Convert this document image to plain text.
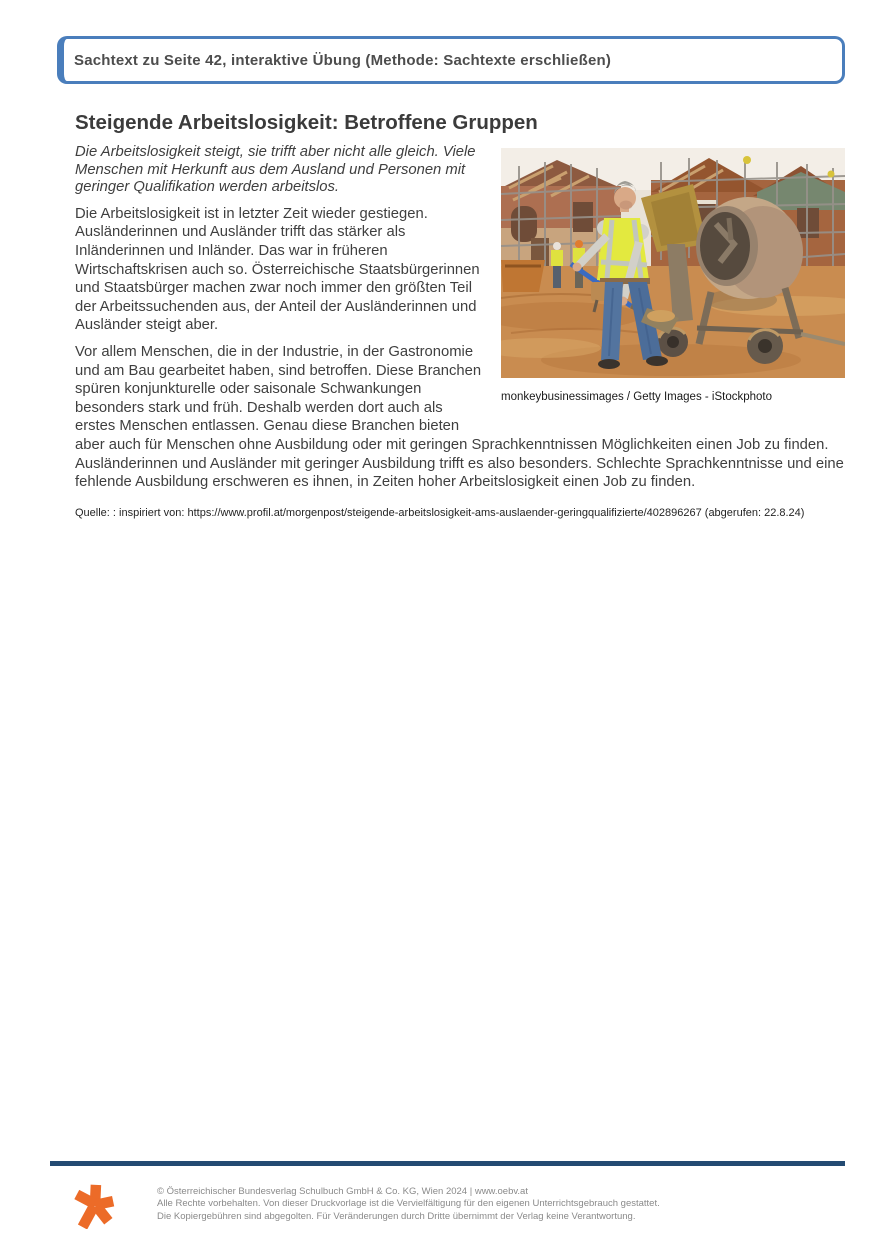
Sachtext zu Seite 42, interaktive Übung (Methode: Sachtexte erschließen)
Steigende Arbeitslosigkeit: Betroffene Gruppen
monkeybusinessimages / Getty Images - iStockphoto

Die Arbeitslosigkeit steigt, sie trifft aber nicht alle gleich. Viele Menschen mit Herkunft aus dem Ausland und Personen mit geringer Qualifikation werden arbeitslos.

Die Arbeitslosigkeit ist in letzter Zeit wieder gestiegen. Ausländerinnen und Ausländer trifft das stärker als Inländerinnen und Inländer. Das war in früheren Wirtschaftskrisen auch so. Österreichische Staatsbürgerinnen und Staatsbürger machen zwar noch immer den größten Teil der Arbeitssuchenden aus, der Anteil der Ausländerinnen und Ausländer steigt aber.

Vor allem Menschen, die in der Industrie, in der Gastronomie und am Bau gearbeitet haben, sind betroffen. Diese Branchen spüren konjunkturelle oder saisonale Schwankungen besonders stark und früh. Deshalb werden dort auch als erstes Menschen entlassen. Genau diese Branchen bieten aber auch für Menschen ohne Ausbildung oder mit geringen Sprachkenntnissen Möglichkeiten einen Job zu finden. Ausländerinnen und Ausländer mit geringer Ausbildung trifft es also besonders. Schlechte Sprachkenntnisse und eine fehlende Ausbildung erschweren es ihnen, in Zeiten hoher Arbeitslosigkeit einen Job zu finden.

Quelle: : inspiriert von: https://www.profil.at/morgenpost/steigende-arbeitslosigkeit-ams-auslaender-geringqualifizierte/402896267 (abgerufen: 22.8.24)

© Österreichischer Bundesverlag Schulbuch GmbH & Co. KG, Wien 2024 | www.oebv.at
Alle Rechte vorbehalten. Von dieser Druckvorlage ist die Vervielfältigung für den eigenen Unterrichtsgebrauch gestattet.
Die Kopiergebühren sind abgegolten. Für Veränderungen durch Dritte übernimmt der Verlag keine Verantwortung.
